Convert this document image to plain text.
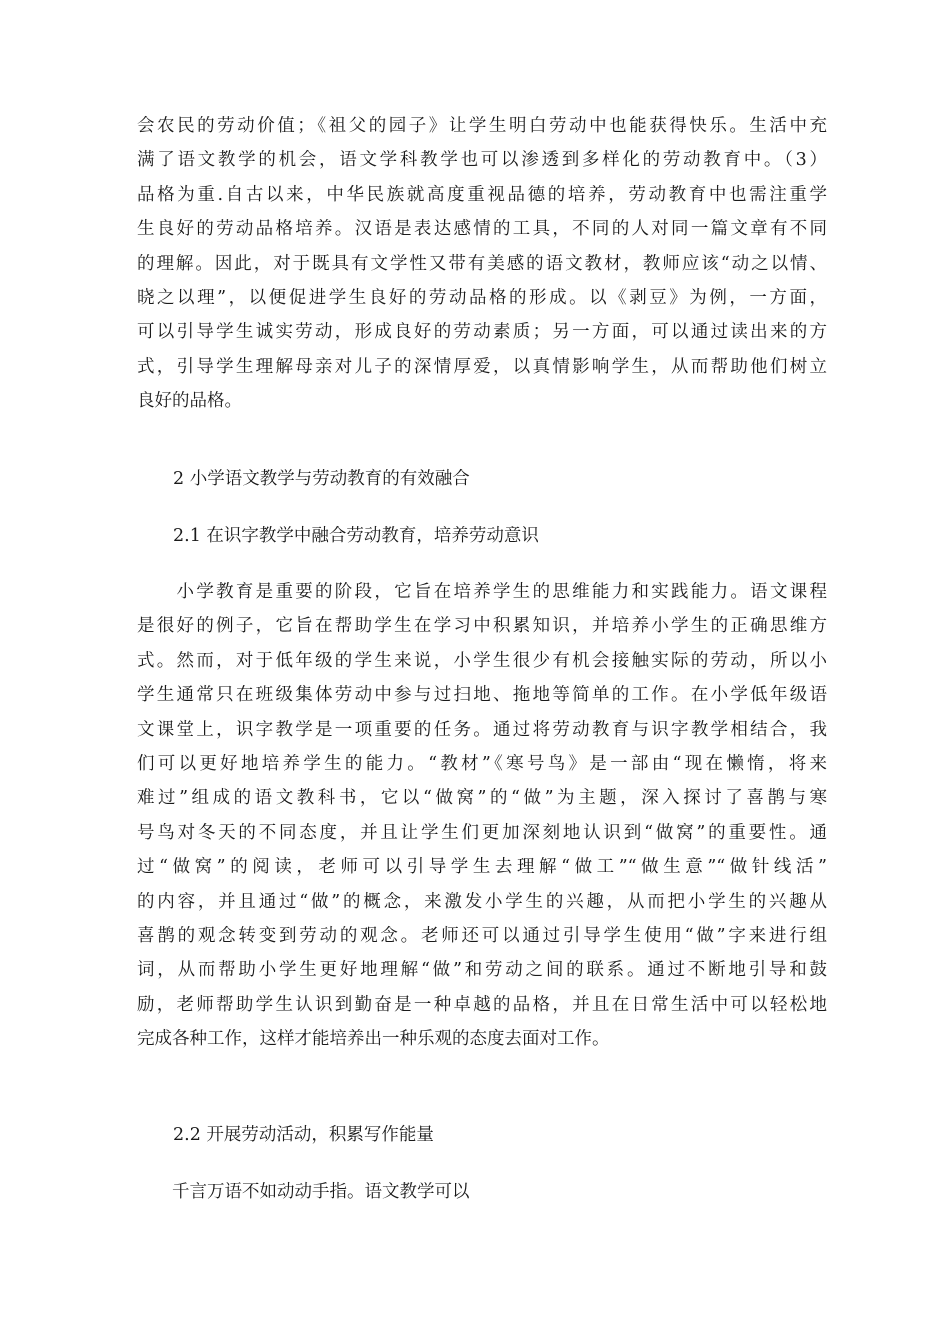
会农民的劳动价值；《祖父的园子》让学生明白劳动中也能获得快乐。生活中充
满了语文教学的机会，语文学科教学也可以渗透到多样化的劳动教育中。（3）
品格为重.自古以来，中华民族就高度重视品德的培养，劳动教育中也需注重学
生良好的劳动品格培养。汉语是表达感情的工具，不同的人对同一篇文章有不同
的理解。因此，对于既具有文学性又带有美感的语文教材，教师应该“动之以情、
晓之以理”，以便促进学生良好的劳动品格的形成。以《剥豆》为例，一方面，
可以引导学生诚实劳动，形成良好的劳动素质；另一方面，可以通过读出来的方
式，引导学生理解母亲对儿子的深情厚爱，以真情影响学生，从而帮助他们树立
良好的品格。
2 小学语文教学与劳动教育的有效融合
2.1 在识字教学中融合劳动教育，培养劳动意识
　　小学教育是重要的阶段，它旨在培养学生的思维能力和实践能力。语文课程
是很好的例子，它旨在帮助学生在学习中积累知识，并培养小学生的正确思维方
式。然而，对于低年级的学生来说，小学生很少有机会接触实际的劳动，所以小
学生通常只在班级集体劳动中参与过扫地、拖地等简单的工作。在小学低年级语
文课堂上，识字教学是一项重要的任务。通过将劳动教育与识字教学相结合，我
们可以更好地培养学生的能力。“教材”《寒号鸟》是一部由“现在懒惰，将来
难过”组成的语文教科书，它以“做窝”的“做”为主题，深入探讨了喜鹊与寒
号鸟对冬天的不同态度，并且让学生们更加深刻地认识到“做窝”的重要性。通
过“做窝”的阅读，老师可以引导学生去理解“做工”“做生意”“做针线活”
的内容，并且通过“做”的概念，来激发小学生的兴趣，从而把小学生的兴趣从
喜鹊的观念转变到劳动的观念。老师还可以通过引导学生使用“做”字来进行组
词，从而帮助小学生更好地理解“做”和劳动之间的联系。通过不断地引导和鼓
励，老师帮助学生认识到勤奋是一种卓越的品格，并且在日常生活中可以轻松地
完成各种工作，这样才能培养出一种乐观的态度去面对工作。
2.2 开展劳动活动，积累写作能量
　　千言万语不如动动手指。语文教学可以
